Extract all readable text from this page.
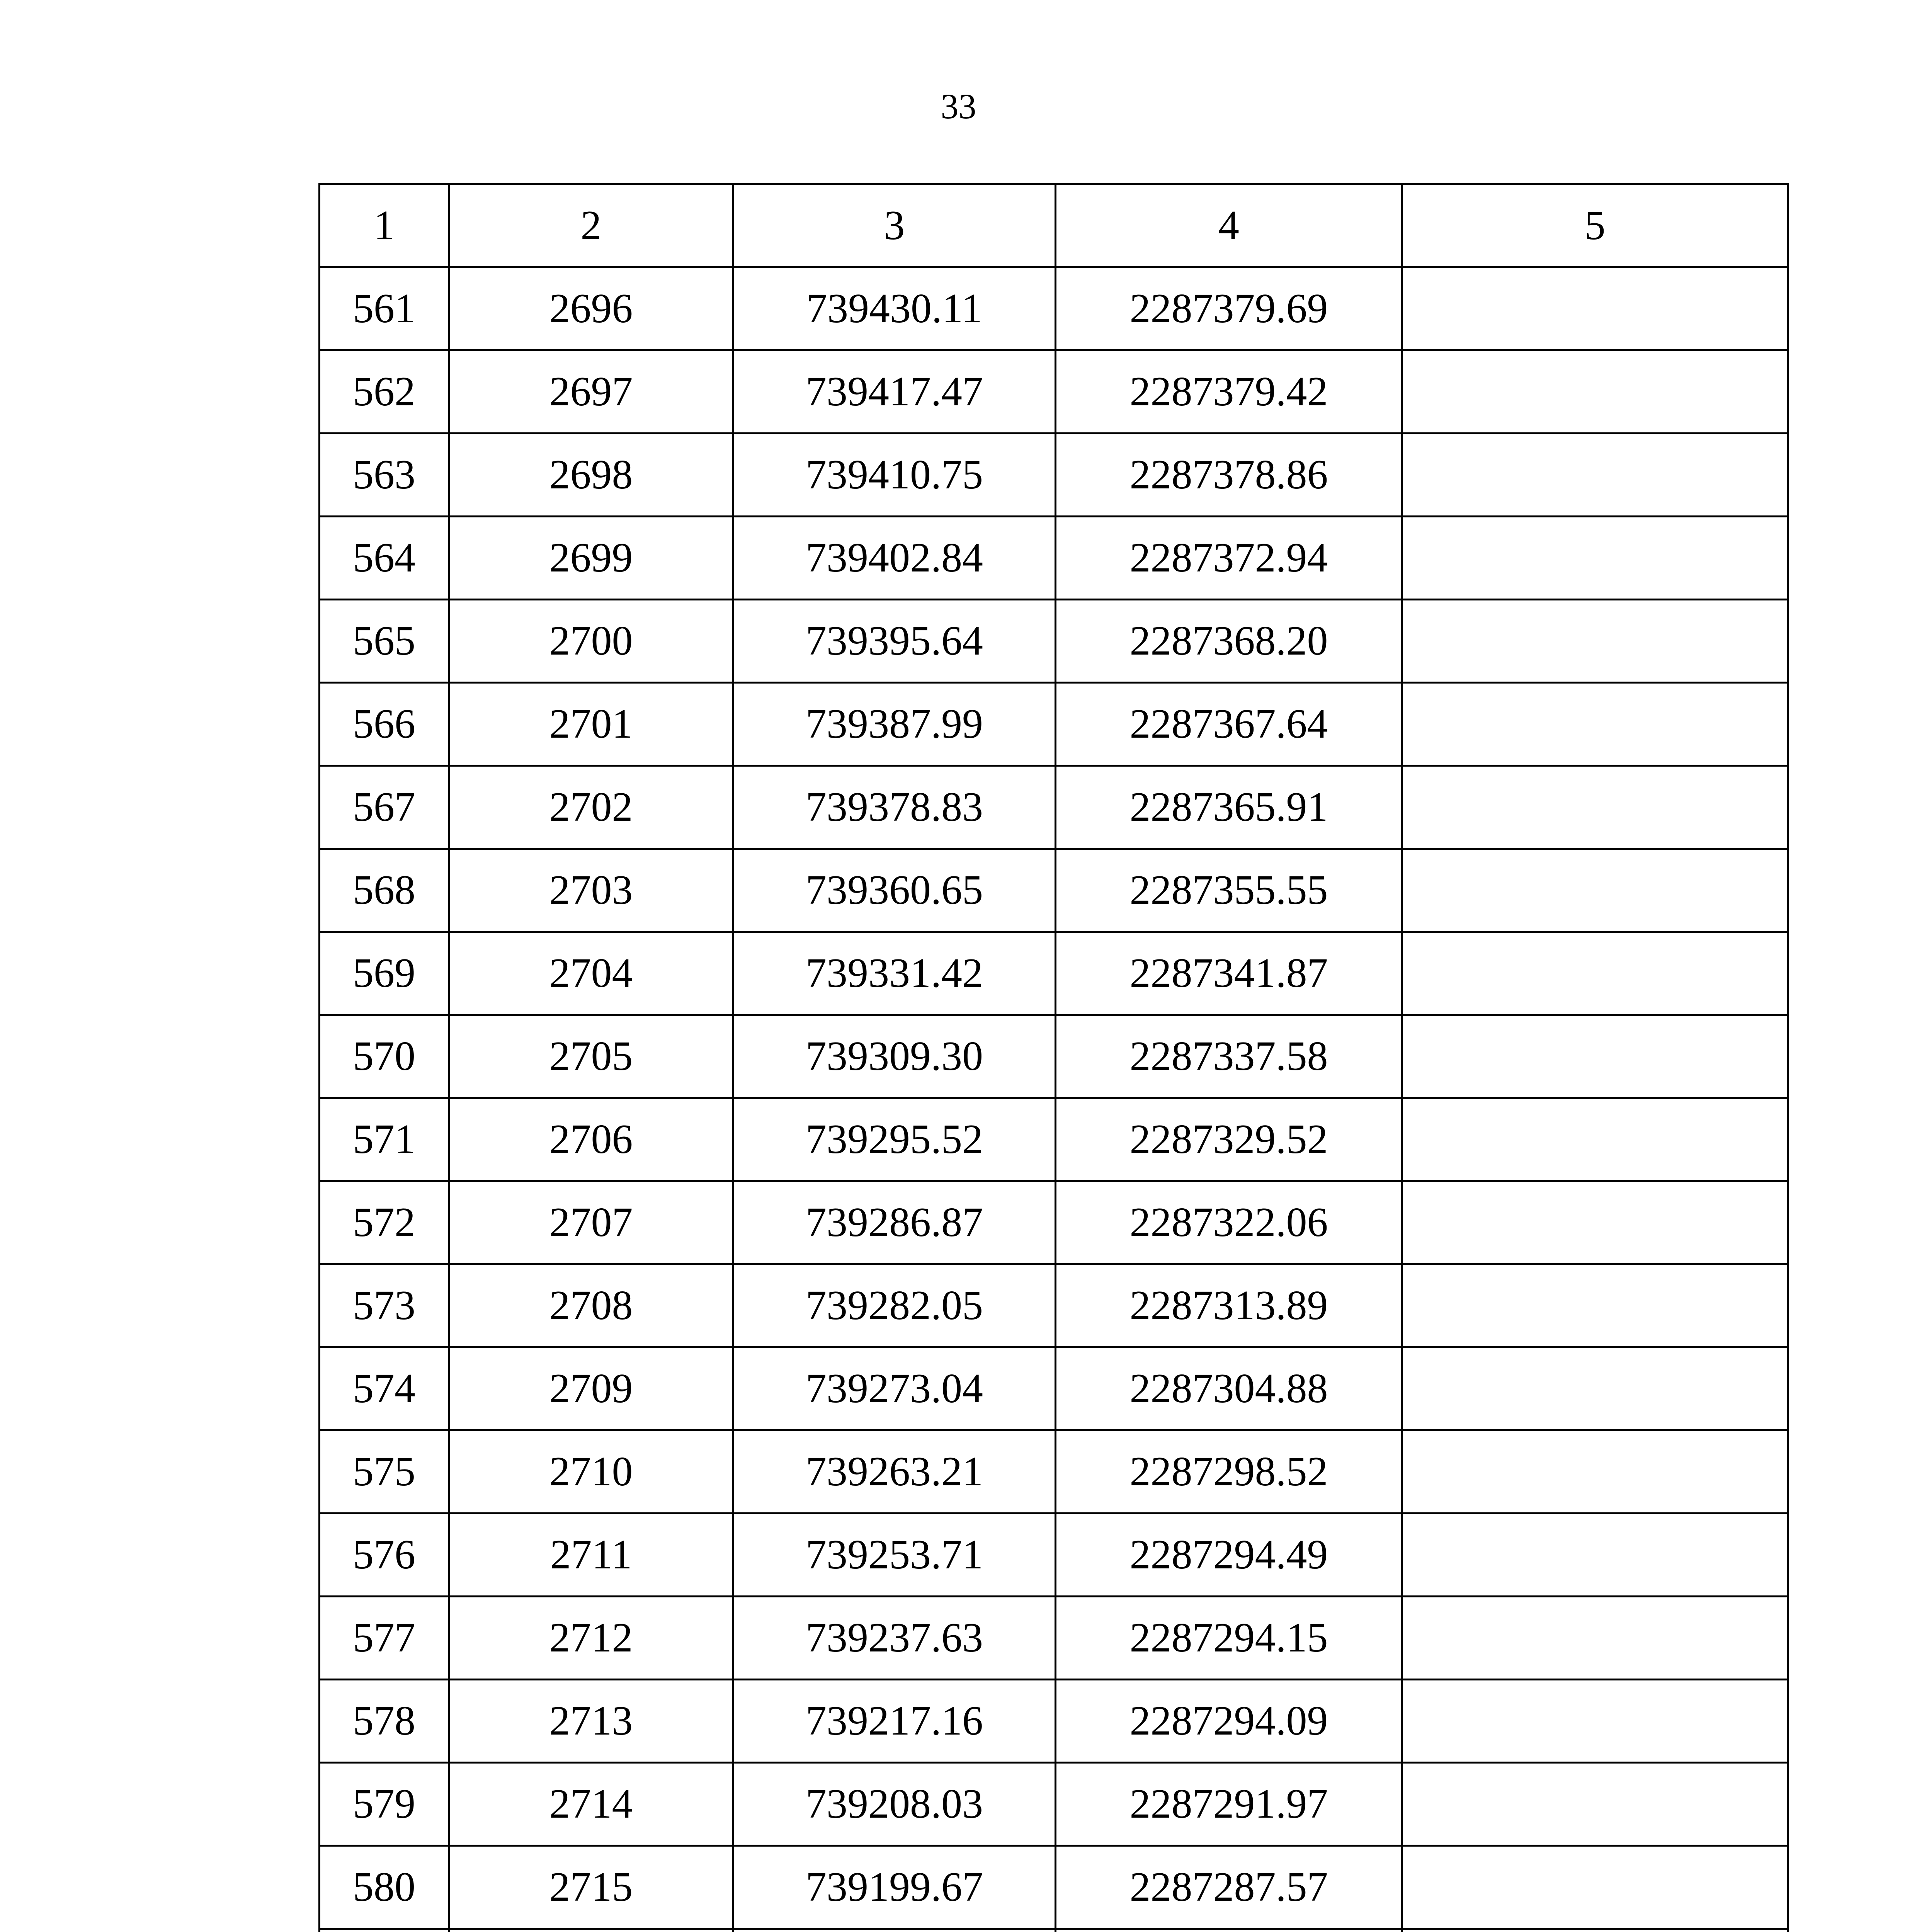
33
1	2	3	4	5
561	2696	739430.11	2287379.69	
562	2697	739417.47	2287379.42	
563	2698	739410.75	2287378.86	
564	2699	739402.84	2287372.94	
565	2700	739395.64	2287368.20	
566	2701	739387.99	2287367.64	
567	2702	739378.83	2287365.91	
568	2703	739360.65	2287355.55	
569	2704	739331.42	2287341.87	
570	2705	739309.30	2287337.58	
571	2706	739295.52	2287329.52	
572	2707	739286.87	2287322.06	
573	2708	739282.05	2287313.89	
574	2709	739273.04	2287304.88	
575	2710	739263.21	2287298.52	
576	2711	739253.71	2287294.49	
577	2712	739237.63	2287294.15	
578	2713	739217.16	2287294.09	
579	2714	739208.03	2287291.97	
580	2715	739199.67	2287287.57	
